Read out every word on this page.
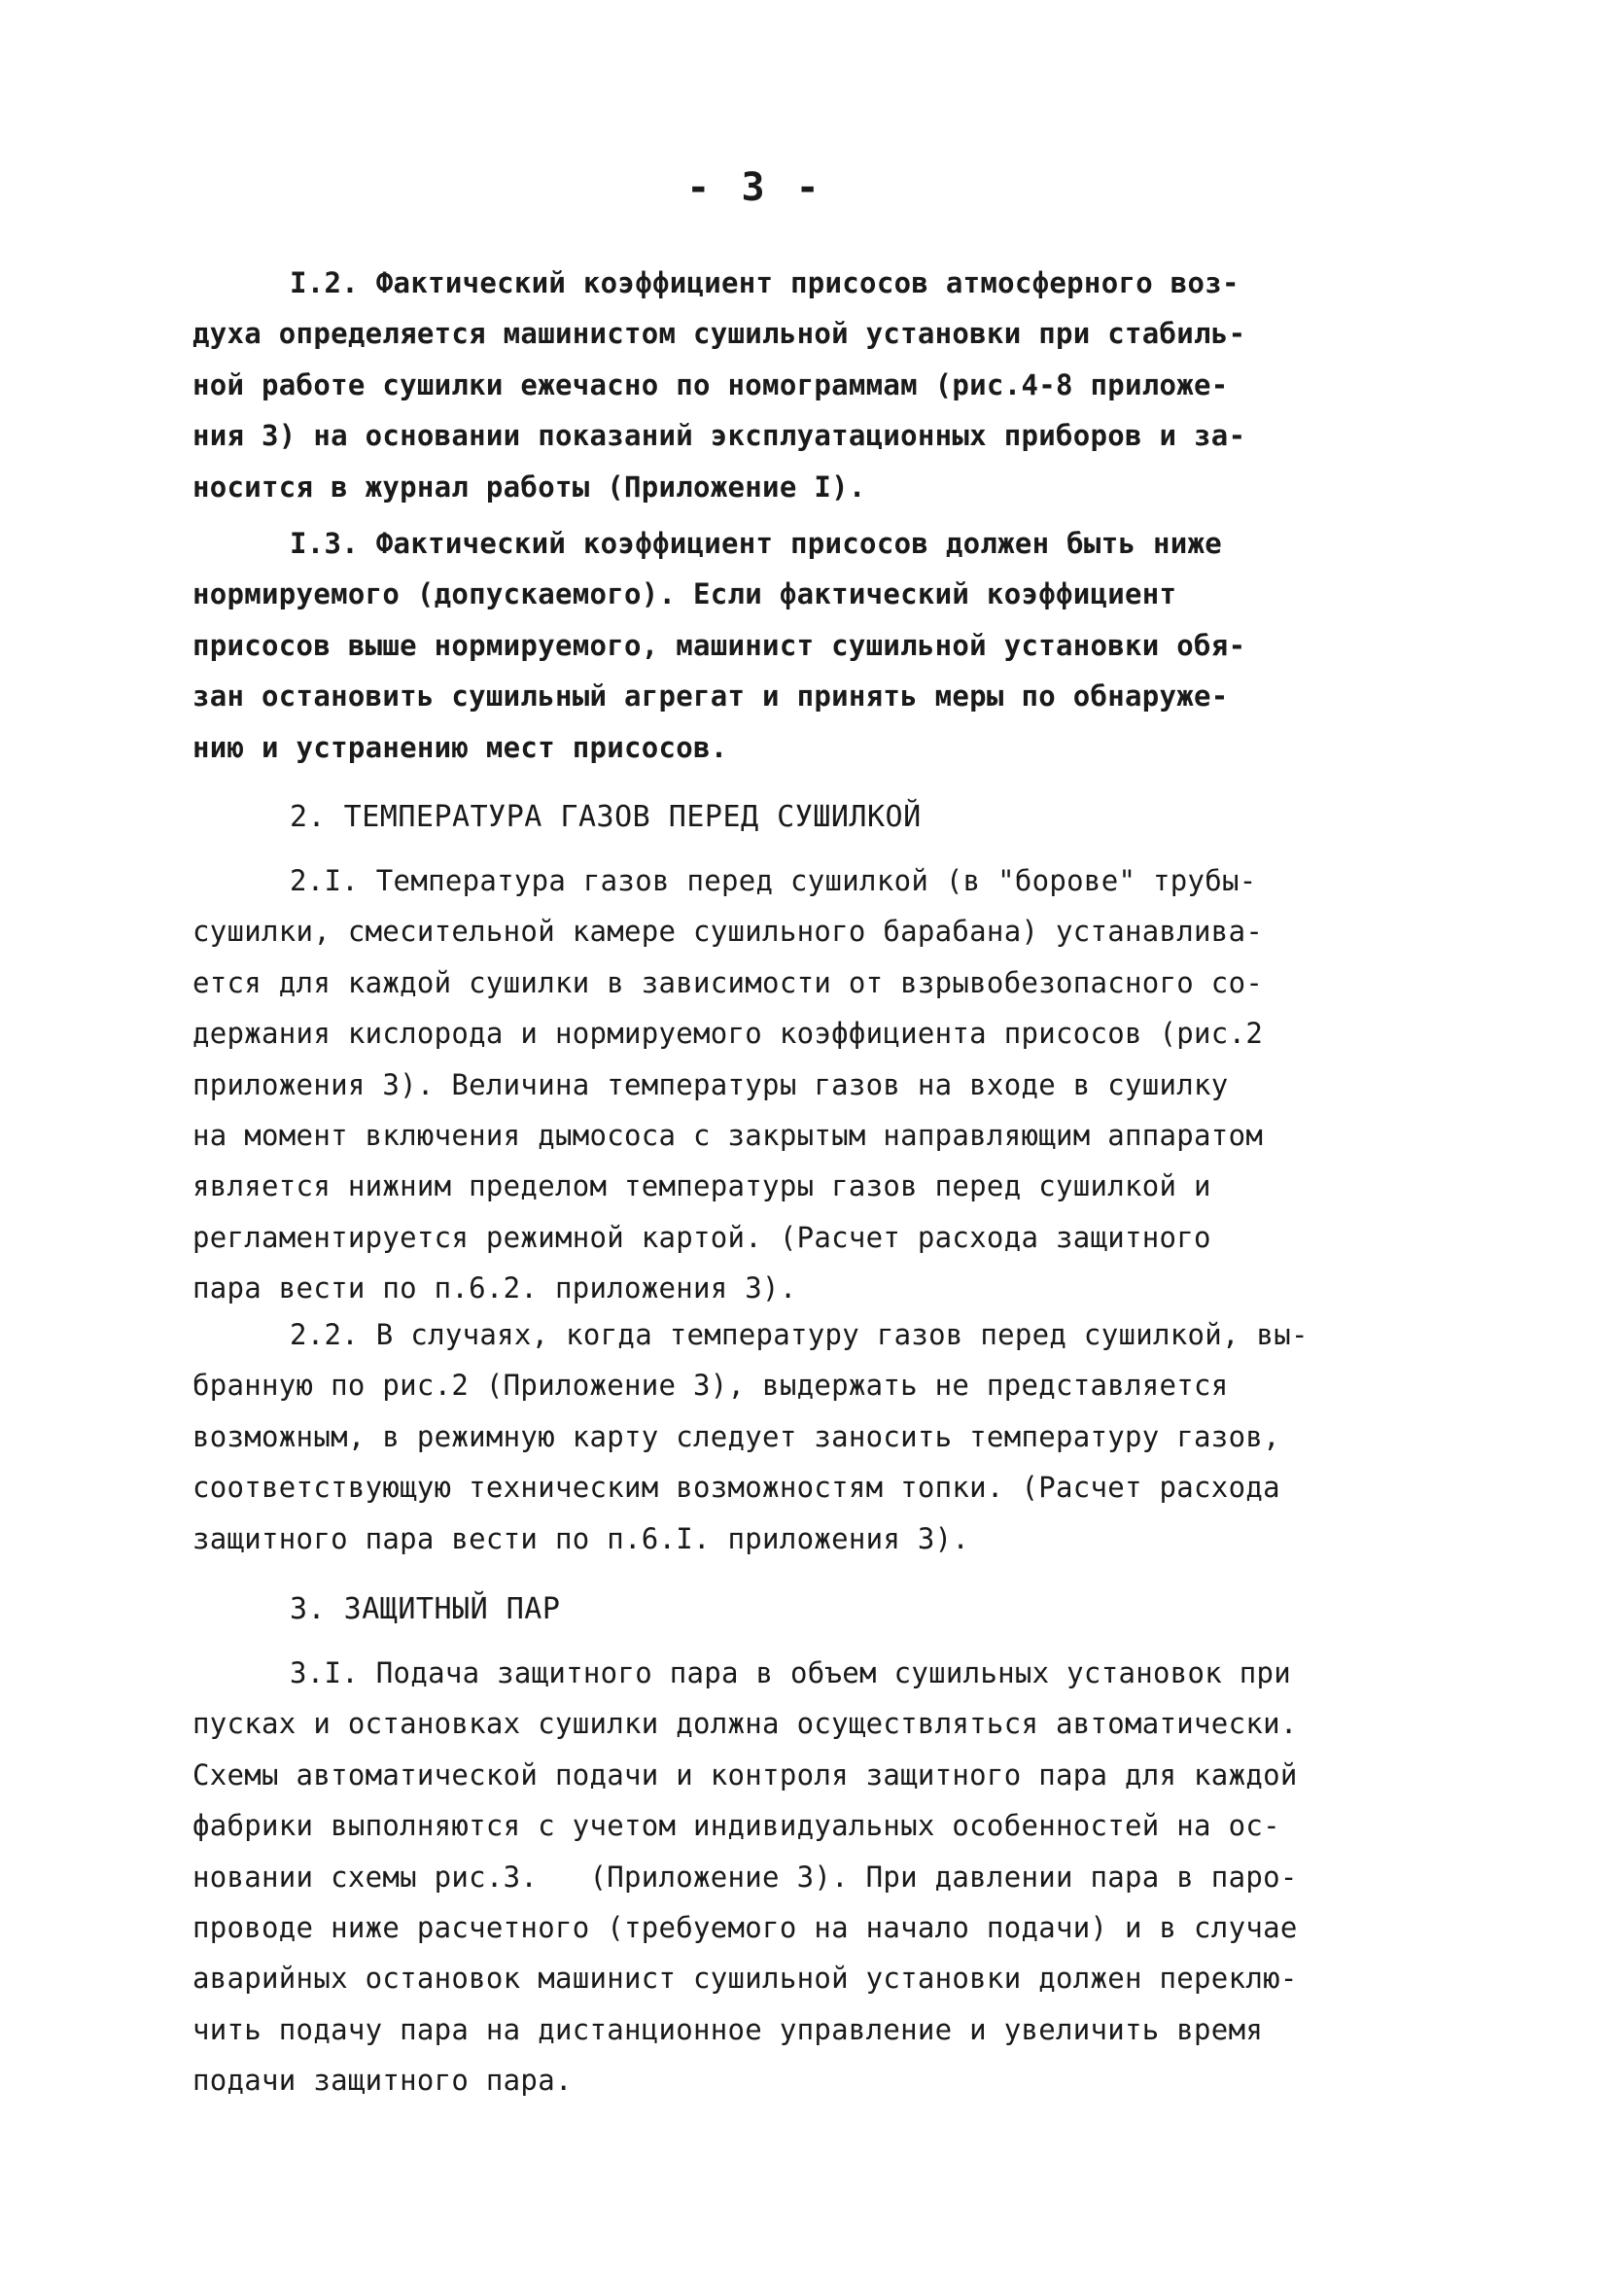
- 3 -
I.2. Фактический коэффициент присосов атмосферного воз-
духа определяется машинистом сушильной установки при стабиль-
ной работе сушилки ежечасно по номограммам (рис.4-8 приложе-
ния 3) на основании показаний эксплуатационных приборов и за-
носится в журнал работы (Приложение I).
I.3. Фактический коэффициент присосов должен быть ниже
нормируемого (допускаемого). Если фактический коэффициент
присосов выше нормируемого, машинист сушильной установки обя-
зан остановить сушильный агрегат и принять меры по обнаруже-
нию и устранению мест присосов.
2. ТЕМПЕРАТУРА ГАЗОВ ПЕРЕД СУШИЛКОЙ
2.I. Температура газов перед сушилкой (в "борове" трубы-
сушилки, смесительной камере сушильного барабана) устанавлива-
ется для каждой сушилки в зависимости от взрывобезопасного со-
держания кислорода и нормируемого коэффициента присосов (рис.2
приложения 3). Величина температуры газов на входе в сушилку
на момент включения дымососа с закрытым направляющим аппаратом
является нижним пределом температуры газов перед сушилкой и
регламентируется режимной картой. (Расчет расхода защитного
пара вести по п.6.2. приложения 3).
2.2. В случаях, когда температуру газов перед сушилкой, вы-
бранную по рис.2 (Приложение 3), выдержать не представляется
возможным, в режимную карту следует заносить температуру газов,
соответствующую техническим возможностям топки. (Расчет расхода
защитного пара вести по п.6.I. приложения 3).
3. ЗАЩИТНЫЙ ПАР
3.I. Подача защитного пара в объем сушильных установок при
пусках и остановках сушилки должна осуществляться автоматически.
Схемы автоматической подачи и контроля защитного пара для каждой
фабрики выполняются с учетом индивидуальных особенностей на ос-
новании схемы рис.3.   (Приложение 3). При давлении пара в паро-
проводе ниже расчетного (требуемого на начало подачи) и в случае
аварийных остановок машинист сушильной установки должен переклю-
чить подачу пара на дистанционное управление и увеличить время
подачи защитного пара.
